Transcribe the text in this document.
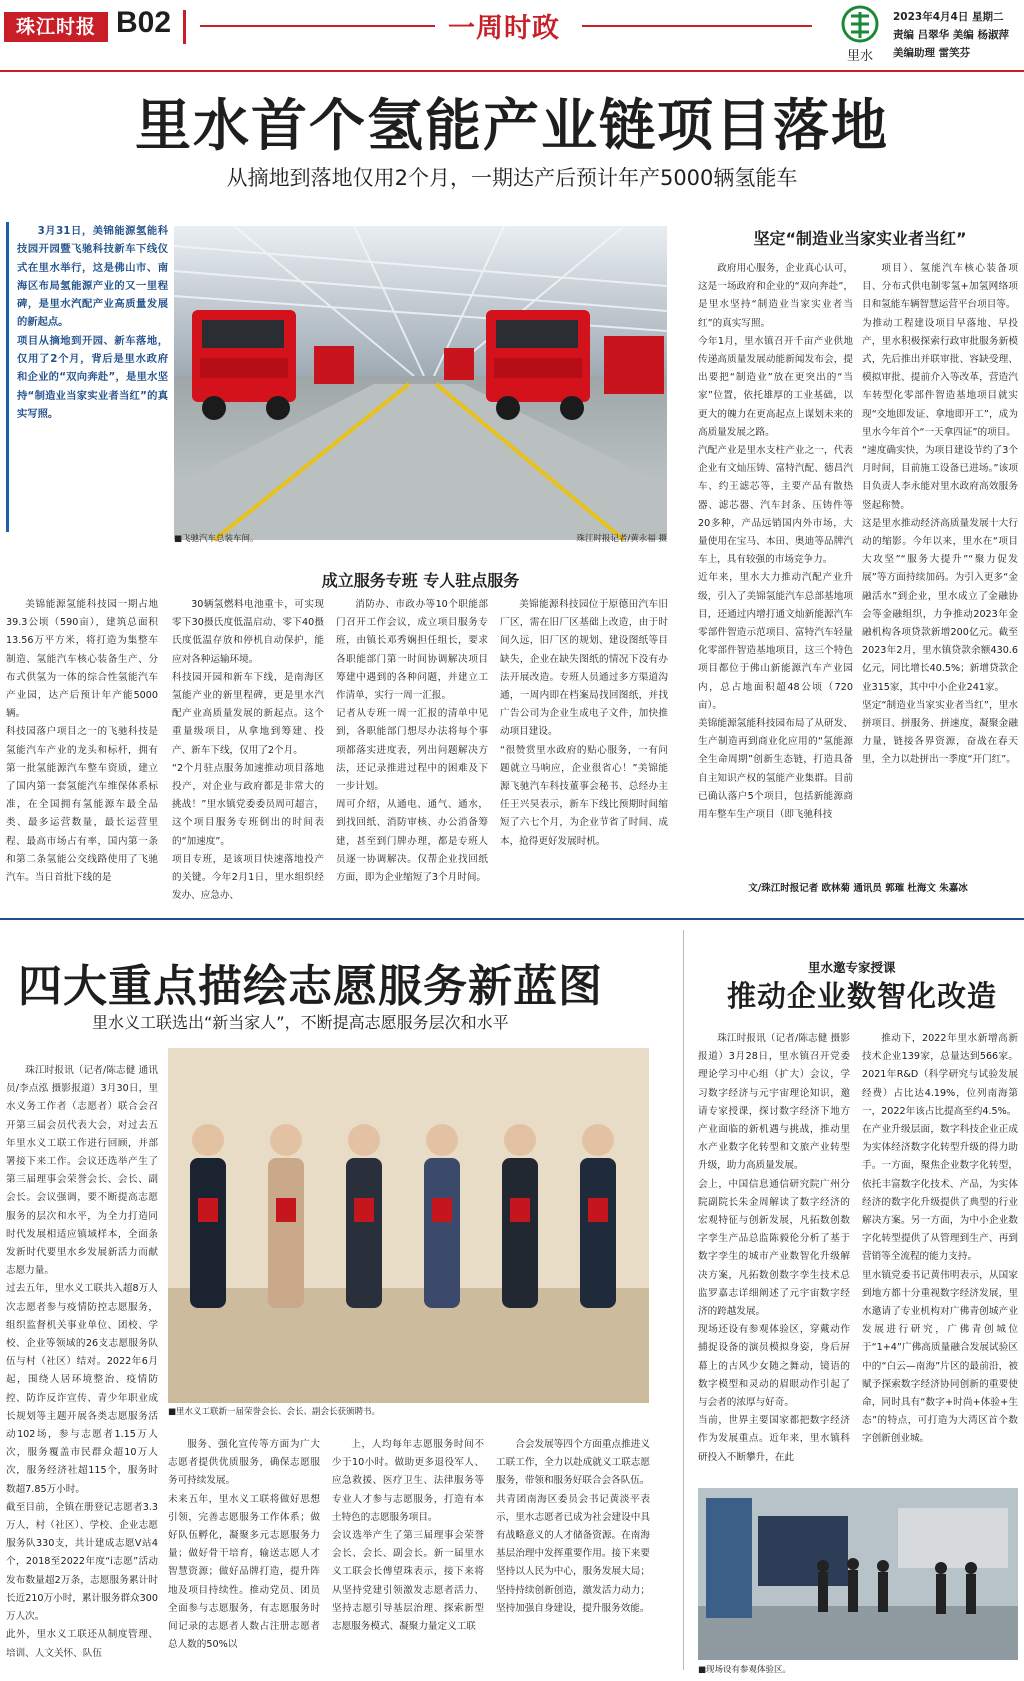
珠江时报 B02	一周时政
里水
2023年4月4日 星期二
责编 吕翠华 美编 杨淑萍
美编助理 雷笑芬
里水首个氢能产业链项目落地
从摘地到落地仅用2个月，一期达产后预计年产5000辆氢能车
3月31日，美锦能源氢能科技园开园暨飞驰科技新车下线仪式在里水举行，这是佛山市、南海区布局氢能源产业的又一里程碑，是里水汽配产业高质量发展的新起点。
项目从摘地到开园、新车落地，仅用了2个月，背后是里水政府和企业的“双向奔赴”，是里水坚持“制造业当家实业者当红”的真实写照。
■飞驰汽车总装车间。	珠江时报记者/黄永福 摄
成立服务专班 专人驻点服务
美锦能源氢能科技园一期占地39.3公顷（590亩），建筑总面积13.56万平方米，将打造为集整车制造、氢能汽车核心装备生产、分布式供氢为一体的综合性氢能汽车产业园，达产后预计年产能5000辆。
科技园落户项目之一的飞驰科技是氢能汽车产业的龙头和标杆，拥有第一批氢能源汽车整车资质，建立了国内第一套氢能汽车维保体系标准，在全国拥有氢能源车最全品类、最多运营数量，最长运营里程、最高市场占有率，国内第一条和第二条氢能公交线路使用了飞驰汽车。当日首批下线的是
30辆氢燃料电池重卡，可实现零下30摄氏度低温启动、零下40摄氏度低温存放和停机自动保护，能应对各种运输环境。
科技园开园和新车下线，是南海区氢能产业的新里程碑，更是里水汽配产业高质量发展的新起点。这个重量级项目，从拿地到筹建、投产、新车下线，仅用了2个月。
“2个月驻点服务加速推动项目落地投产，对企业与政府都是非常大的挑战！”里水镇党委委员周可超言，这个项目服务专班倒出的时间表的“加速度”。
项目专班，是该项目快速落地投产的关键。今年2月1日，里水组织经发办、应急办、
消防办、市政办等10个职能部门召开工作会议，成立项目服务专班，由镇长邓秀娴担任组长，要求各职能部门第一时间协调解决项目筹建中遇到的各种问题，并建立工作清单，实行一周一汇报。
记者从专班一周一汇报的清单中见到，各职能部门想尽办法将每个事项都落实进度表，列出问题解决方法，还记录推进过程中的困难及下一步计划。
周可介绍，从通电、通气、通水，到找回纸、消防审核、办公消备筹建，甚至到门牌办理，都是专班人员逐一协调解决。仅帮企业找回纸方面，即为企业缩短了3个月时间。
美锦能源科技园位于原德田汽车旧厂区，需在旧厂区基础上改造，由于时间久远，旧厂区的规划、建设图纸等目缺失，企业在缺失图纸的情况下没有办法开展改造。专班人员通过多方渠道沟通，一周内即在档案局找回图纸，并找广告公司为企业生成电子文件，加快推动项目建设。
“很赞赏里水政府的贴心服务，一有问题就立马响应，企业很省心！”美锦能源飞驰汽车科技董事会秘书、总经办主任王兴昊表示，新车下线比预期时间缩短了六七个月，为企业节省了时间、成本，抢得更好发展时机。
坚定“制造业当家实业者当红”
政府用心服务，企业真心认可，这是一场政府和企业的“双向奔赴”，是里水坚持“制造业当家实业者当红”的真实写照。
今年1月，里水镇召开千亩产业供地传递高质量发展动能新闻发布会，提出要把“制造业”放在更突出的“当家”位置，依托雄厚的工业基础，以更大的魄力在更高起点上谋划未来的高质量发展之路。
汽配产业是里水支柱产业之一，代表企业有文灿压铸、富特汽配、德昌汽车、约王滤芯等，主要产品有散热器、滤芯器、汽车封条、压铸件等20多种，产品远销国内外市场，大量使用在宝马、本田、奥迪等品牌汽车上，具有较强的市场竞争力。
近年来，里水大力推动汽配产业升级，引入了美锦氢能汽车总部基地项目，还通过内增打通文灿新能源汽车零部件智造示范项目、富特汽车轻量化零部件智造基地项目，这三个特色项目都位于佛山新能源汽车产业园内，总占地面积超48公顷（720亩）。
美锦能源氢能科技园布局了从研发、生产制造再到商业化应用的“氢能源全生命周期”创新生态链，打造具备自主知识产权的氢能产业集群。目前已确认落户5个项目，包括新能源商用车整车生产项目（即飞驰科技
项目）、氢能汽车核心装备项目、分布式供电制零氢+加氢网络项目和氢能车辆智慧运营平台项目等。
为推动工程建设项目早落地、早投产，里水积极探索行政审批服务新模式，先后推出并联审批、容缺受理、模拟审批、提前介入等改革，营造汽车转型化零部件智造基地项目就实现“交地即发证、拿地即开工”，成为里水今年首个“一天拿四证”的项目。
“速度确实快，为项目建设节约了3个月时间，目前施工设备已进场。”该项目负责人李永能对里水政府高效服务竖起称赞。
这是里水推动经济高质量发展十大行动的缩影。今年以来，里水在“项目大攻坚”“服务大提升”“聚力促发展”等方面持续加码。为引入更多“金融活水”到企业，里水成立了金融协会等金融组织，力争推动2023年金融机构各项贷款新增200亿元。截至2023年2月，里水镇贷款余额430.6亿元，同比增长40.5%；新增贷款企业315家，其中中小企业241家。
坚定“制造业当家实业者当红”，里水拼项目、拼服务、拼速度，凝聚金融力量，链接各界资源，奋战在春天里，全力以赴拼出一季度“开门红”。
文/珠江时报记者 欧林菊 通讯员 郭璀 杜海文 朱嘉冰
四大重点描绘志愿服务新蓝图
里水义工联选出“新当家人”，不断提高志愿服务层次和水平
珠江时报讯（记者/陈志健 通讯员/李点泓 摄影报道）3月30日，里水义务工作者（志愿者）联合会召开第三届会员代表大会，对过去五年里水义工联工作进行回顾，并部署接下来工作。会议还选举产生了第三届理事会荣誉会长、会长、副会长。会议强调，要不断提高志愿服务的层次和水平，为全力打造同时代发展相适应镇域样本，全面条发新时代要里水乡发展新活力而献志愿力量。
过去五年，里水义工联共入超8万人次志愿者参与疫情防控志愿服务，组织监督机关事业单位、团校、学校、企业等领域的26支志愿服务队伍与村（社区）结对。2022年6月起，围绕人居环境整治、疫情防控、防诈反诈宣传、青少年职业成长规划等主题开展各类志愿服务活动102场，参与志愿者1.15万人次，服务覆盖市民群众超10万人次，服务经济社超115个，服务时数超7.85万小时。
截至目前，全镇在册登记志愿者3.3万人，村（社区）、学校、企业志愿服务队330支，共计建成志愿V站4个，2018至2022年度“i志愿”活动发布数量超2万条，志愿服务累计时长近210万小时，累计服务群众300万人次。
此外，里水义工联还从制度管理、培训、人文关怀、队伍
■里水义工联新一届荣誉会长、会长、副会长获颁聘书。
服务、强化宣传等方面为广大志愿者提供优质服务，确保志愿服务可持续发展。
未来五年，里水义工联将做好思想引领，完善志愿服务工作体系；做好队伍孵化，凝聚多元志愿服务力量；做好骨干培育，输送志愿人才智慧资源；做好品牌打造，提升阵地及项目持续性。推动党员、团员全面参与志愿服务，有志愿服务时间记录的志愿者人数占注册志愿者总人数的50%以
上，人均每年志愿服务时间不少于10小时。做助更多退役军人、应急救援、医疗卫生、法律服务等专业人才参与志愿服务，打造有本土特色的志愿服务项目。
会议选举产生了第三届理事会荣誉会长、会长、副会长。新一届里水义工联会长傅望珠表示，接下来将从坚持党建引领激发志愿者活力、坚持志愿引导基层治理、探索新型志愿服务模式、凝聚力量定义工联
合会发展等四个方面重点推进义工联工作，全力以赴成就义工联志愿服务，带领和服务好联合会各队伍。
共青团南海区委员会书记黄淡平表示，里水志愿者已成为社会建设中具有战略意义的人才储备资源。在南海基层治理中发挥重要作用。接下来要坚持以人民为中心，服务发展大局；坚持持续创新创造，激发活力动力；坚持加强自身建设，提升服务效能。
里水邀专家授课
推动企业数智化改造
珠江时报讯（记者/陈志健 摄影报道）3月28日，里水镇召开党委理论学习中心组（扩大）会议，学习数字经济与元宇宙理论知识，邀请专家授课，探讨数字经济下地方产业面临的新机遇与挑战，推动里水产业数字化转型和文旅产业转型升级，助力高质量发展。
会上，中国信息通信研究院广州分院副院长朱金周解读了数字经济的宏观特征与创新发展，凡拓数创数字孪生产品总监陈毅伦分析了基于数字孪生的城市产业数智化升级解决方案，凡拓数创数字孪生技术总监罗嘉志详细阐述了元宇宙数字经济的跨越发展。
现场还设有参观体验区，穿戴动作捕捉设备的演员模拟身姿，身后屏幕上的古风少女随之舞动，镜语的数字模型和灵动的眉眼动作引起了与会者的浓厚与好奇。
当前，世界主要国家都把数字经济作为发展重点。近年来，里水镇科研投入不断攀升，在此
推动下，2022年里水新增高新技术企业139家，总量达到566家。2021年R&D（科学研究与试验发展经费）占比达4.19%，位列南海第一，2022年该占比提高至约4.5%。
在产业升级层面，数字科技企业正成为实体经济数字化转型升级的得力助手。一方面，聚焦企业数字化转型，依托丰富数字化技术、产品，为实体经济的数字化升级提供了典型的行业解决方案。另一方面，为中小企业数字化转型提供了从管理到生产、再到营销等全流程的能力支持。
里水镇党委书记黄伟明表示，从国家到地方都十分重视数字经济发展，里水邀请了专业机构对广佛青创城产业发展进行研究，广佛青创城位于“1+4”广佛高质量融合发展试验区中的“白云—南海”片区的最前沿，被赋予探索数字经济协同创新的重要使命，同时具有“数字+时尚+体验+生态”的特点，可打造为大湾区首个数字创新创业城。
■现场设有参观体验区。
